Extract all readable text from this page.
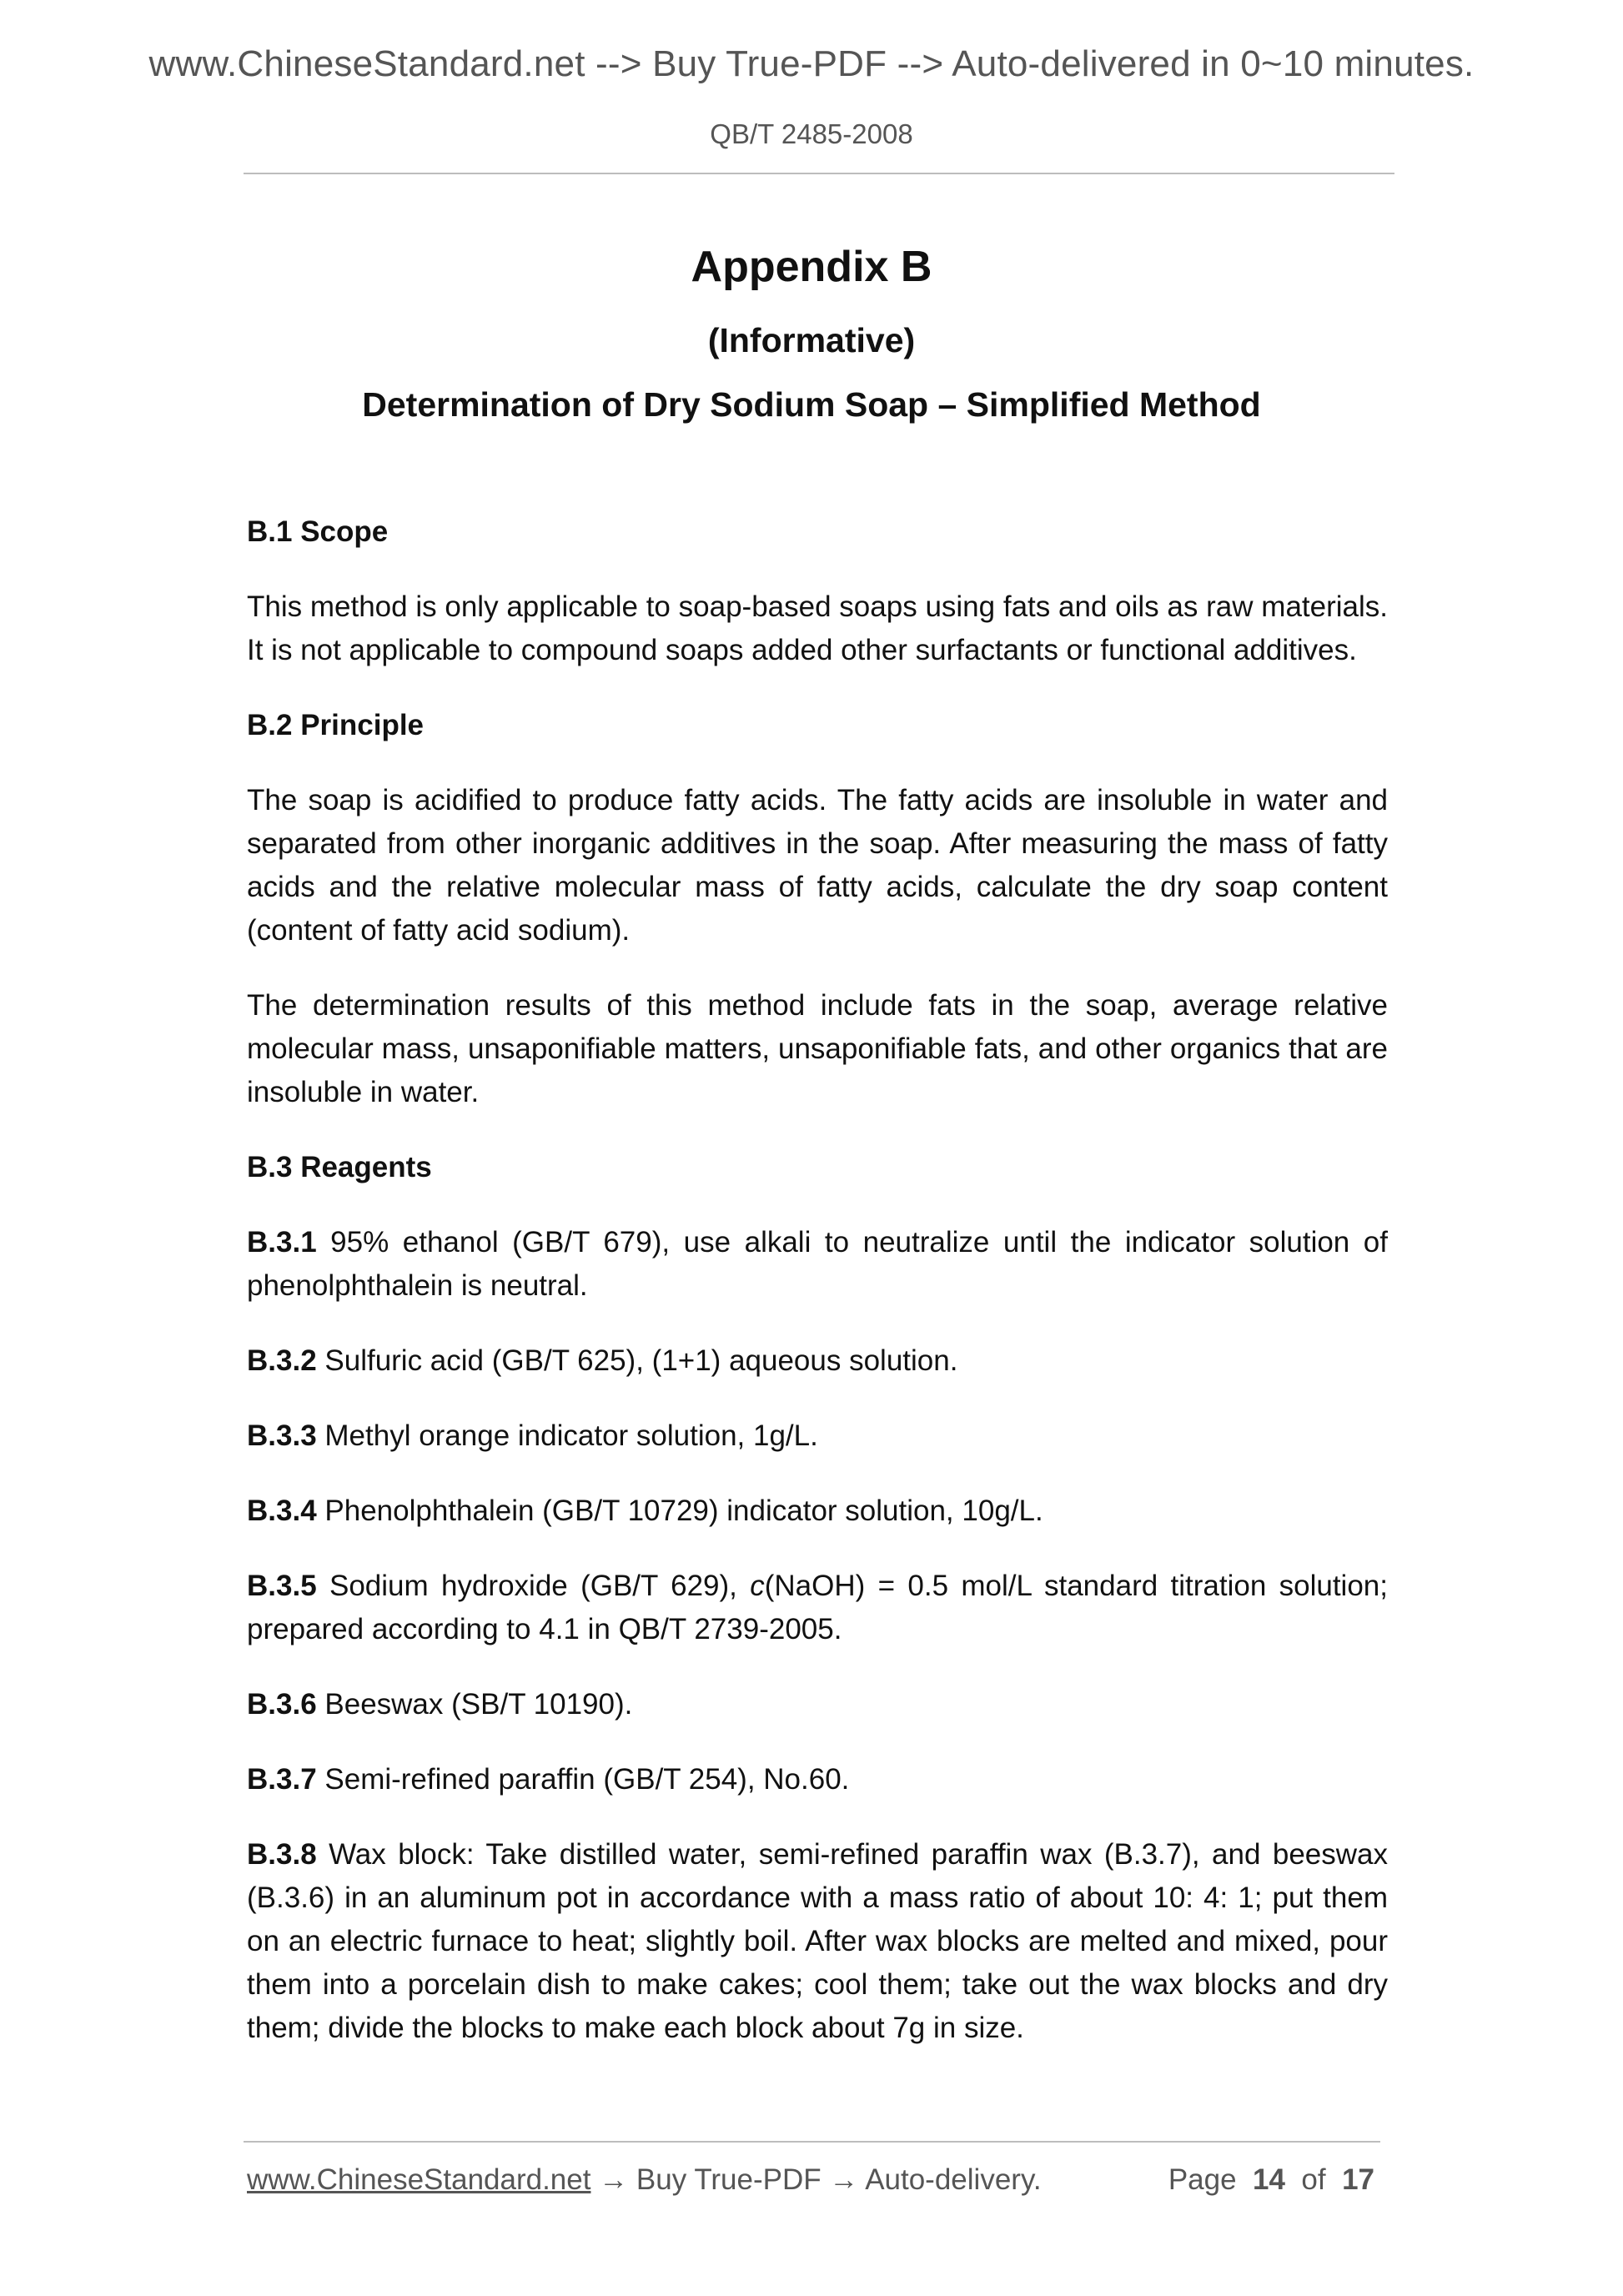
www.ChineseStandard.net --> Buy True-PDF --> Auto-delivered in 0~10 minutes.
QB/T 2485-2008
Appendix B
(Informative)
Determination of Dry Sodium Soap – Simplified Method
B.1 Scope
This method is only applicable to soap-based soaps using fats and oils as raw materials. It is not applicable to compound soaps added other surfactants or functional additives.
B.2 Principle
The soap is acidified to produce fatty acids. The fatty acids are insoluble in water and separated from other inorganic additives in the soap. After measuring the mass of fatty acids and the relative molecular mass of fatty acids, calculate the dry soap content (content of fatty acid sodium).
The determination results of this method include fats in the soap, average relative molecular mass, unsaponifiable matters, unsaponifiable fats, and other organics that are insoluble in water.
B.3 Reagents
B.3.1 95% ethanol (GB/T 679), use alkali to neutralize until the indicator solution of phenolphthalein is neutral.
B.3.2 Sulfuric acid (GB/T 625), (1+1) aqueous solution.
B.3.3 Methyl orange indicator solution, 1g/L.
B.3.4 Phenolphthalein (GB/T 10729) indicator solution, 10g/L.
B.3.5 Sodium hydroxide (GB/T 629), c(NaOH) = 0.5 mol/L standard titration solution; prepared according to 4.1 in QB/T 2739-2005.
B.3.6 Beeswax (SB/T 10190).
B.3.7 Semi-refined paraffin (GB/T 254), No.60.
B.3.8 Wax block: Take distilled water, semi-refined paraffin wax (B.3.7), and beeswax (B.3.6) in an aluminum pot in accordance with a mass ratio of about 10: 4: 1; put them on an electric furnace to heat; slightly boil. After wax blocks are melted and mixed, pour them into a porcelain dish to make cakes; cool them; take out the wax blocks and dry them; divide the blocks to make each block about 7g in size.
www.ChineseStandard.net → Buy True-PDF → Auto-delivery.	Page 14 of 17
